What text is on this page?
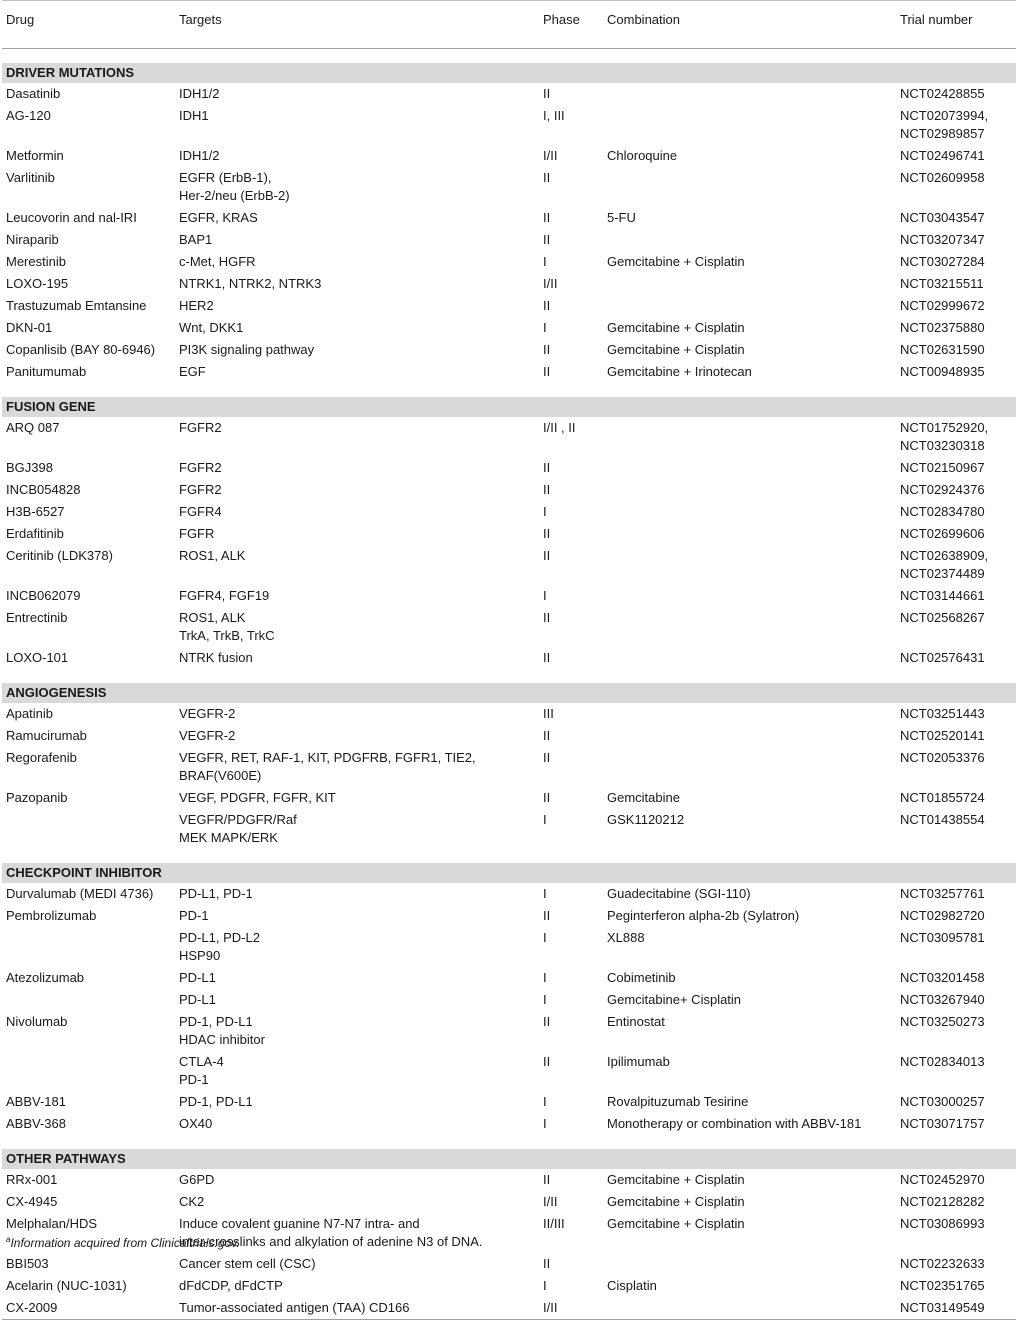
Drug	Targets	Phase	Combination	Trial number

DRIVER MUTATIONS				
Dasatinib	IDH1/2	II		NCT02428855
AG-120	IDH1	I, III		NCT02073994,
NCT02989857
Metformin	IDH1/2	I/II	Chloroquine	NCT02496741
Varlitinib	EGFR (ErbB-1),
Her-2/neu (ErbB-2)	II		NCT02609958
Leucovorin and nal-IRI	EGFR, KRAS	II	5-FU	NCT03043547
Niraparib	BAP1	II		NCT03207347
Merestinib	c-Met, HGFR	I	Gemcitabine + Cisplatin	NCT03027284
LOXO-195	NTRK1, NTRK2, NTRK3	I/II		NCT03215511
Trastuzumab Emtansine	HER2	II		NCT02999672
DKN-01	Wnt, DKK1	I	Gemcitabine + Cisplatin	NCT02375880
Copanlisib (BAY 80-6946)	PI3K signaling pathway	II	Gemcitabine + Cisplatin	NCT02631590
Panitumumab	EGF	II	Gemcitabine + Irinotecan	NCT00948935

FUSION GENE				
ARQ 087	FGFR2	I/II , II		NCT01752920,
NCT03230318
BGJ398	FGFR2	II		NCT02150967
INCB054828	FGFR2	II		NCT02924376
H3B-6527	FGFR4	I		NCT02834780
Erdafitinib	FGFR	II		NCT02699606
Ceritinib (LDK378)	ROS1, ALK	II		NCT02638909,
NCT02374489
INCB062079	FGFR4, FGF19	I		NCT03144661
Entrectinib	ROS1, ALK
TrkA, TrkB, TrkC	II		NCT02568267
LOXO-101	NTRK fusion	II		NCT02576431

ANGIOGENESIS				
Apatinib	VEGFR-2	III		NCT03251443
Ramucirumab	VEGFR-2	II		NCT02520141
Regorafenib	VEGFR, RET, RAF-1, KIT, PDGFRB, FGFR1, TIE2,
BRAF(V600E)	II		NCT02053376
Pazopanib	VEGF, PDGFR, FGFR, KIT	II	Gemcitabine	NCT01855724
	VEGFR/PDGFR/Raf
MEK MAPK/ERK	I	GSK1120212	NCT01438554

CHECKPOINT INHIBITOR				
Durvalumab (MEDI 4736)	PD-L1, PD-1	I	Guadecitabine (SGI-110)	NCT03257761
Pembrolizumab	PD-1	II	Peginterferon alpha-2b (Sylatron)	NCT02982720
	PD-L1, PD-L2
HSP90	I	XL888	NCT03095781
Atezolizumab	PD-L1	I	Cobimetinib	NCT03201458
	PD-L1	I	Gemcitabine+ Cisplatin	NCT03267940
Nivolumab	PD-1, PD-L1
HDAC inhibitor	II	Entinostat	NCT03250273
	CTLA-4
PD-1	II	Ipilimumab	NCT02834013
ABBV-181	PD-1, PD-L1	I	Rovalpituzumab Tesirine	NCT03000257
ABBV-368	OX40	I	Monotherapy or combination with ABBV-181	NCT03071757

OTHER PATHWAYS				
RRx-001	G6PD	II	Gemcitabine + Cisplatin	NCT02452970
CX-4945	CK2	I/II	Gemcitabine + Cisplatin	NCT02128282
Melphalan/HDS	Induce covalent guanine N7-N7 intra- and
inter-crosslinks and alkylation of adenine N3 of DNA.	II/III	Gemcitabine + Cisplatin	NCT03086993
BBI503	Cancer stem cell (CSC)	II		NCT02232633
Acelarin (NUC-1031)	dFdCDP, dFdCTP	I	Cisplatin	NCT02351765
CX-2009	Tumor-associated antigen (TAA) CD166	I/II		NCT03149549

$^a$Information acquired from Clinicaltrials.gov.
